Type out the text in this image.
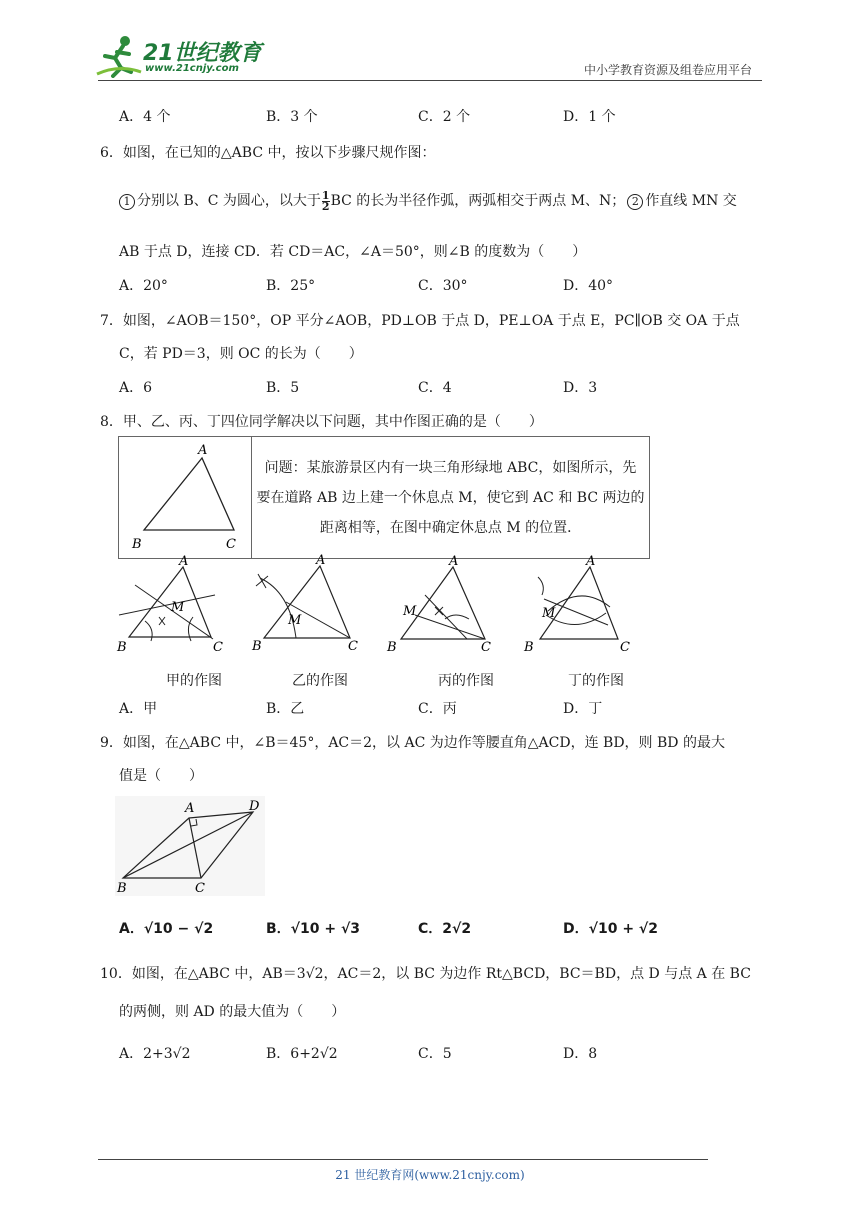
21世纪教育
www.21cnjy.com	中小学教育资源及组卷应用平台
A．4 个	B．3 个	C．2 个	D．1 个
6．如图，在已知的△ABC 中，按以下步骤尺规作图：
1 分别以 B、C 为圆心，以大于 $\frac{1}{2}$ BC 的长为半径作弧，两弧相交于两点 M、N； 2 作直线 MN 交
AB 于点 D，连接 CD．若 CD＝AC，∠A＝50°，则∠B 的度数为（　　）
A．20°	B．25°	C．30°	D．40°
7．如图，∠AOB＝150°，OP 平分∠AOB，PD⊥OB 于点 D，PE⊥OA 于点 E，PC∥OB 交 OA 于点
C，若 PD＝3，则 OC 的长为（　　）
A．6	B．5	C．4	D．3
8．甲、乙、丙、丁四位同学解决以下问题，其中作图正确的是（　　）
A
B	C

问题：某旅游景区内有一块三角形绿地 ABC，如图所示，先
要在道路 AB 边上建一个休息点 M，使它到 AC 和 BC 两边的
距离相等，在图中确定休息点 M 的位置．
A
B	C
M
A
B	C
M
A
B	C
M
A
B	C
M
甲的作图	乙的作图	丙的作图	丁的作图
A．甲	B．乙	C．丙	D．丁
9．如图，在△ABC 中，∠B＝45°，AC＝2，以 AC 为边作等腰直角△ACD，连 BD，则 BD 的最大
值是（　　）
A	D
B	C
A．√10 − √2	B．√10 + √3	C．2√2	D．√10 + √2
10．如图，在△ABC 中，AB＝3√2，AC＝2，以 BC 为边作 Rt△BCD，BC＝BD，点 D 与点 A 在 BC
的两侧，则 AD 的最大值为（　　）
A．2+3√2	B．6+2√2	C．5	D．8
21 世纪教育网(www.21cnjy.com)
